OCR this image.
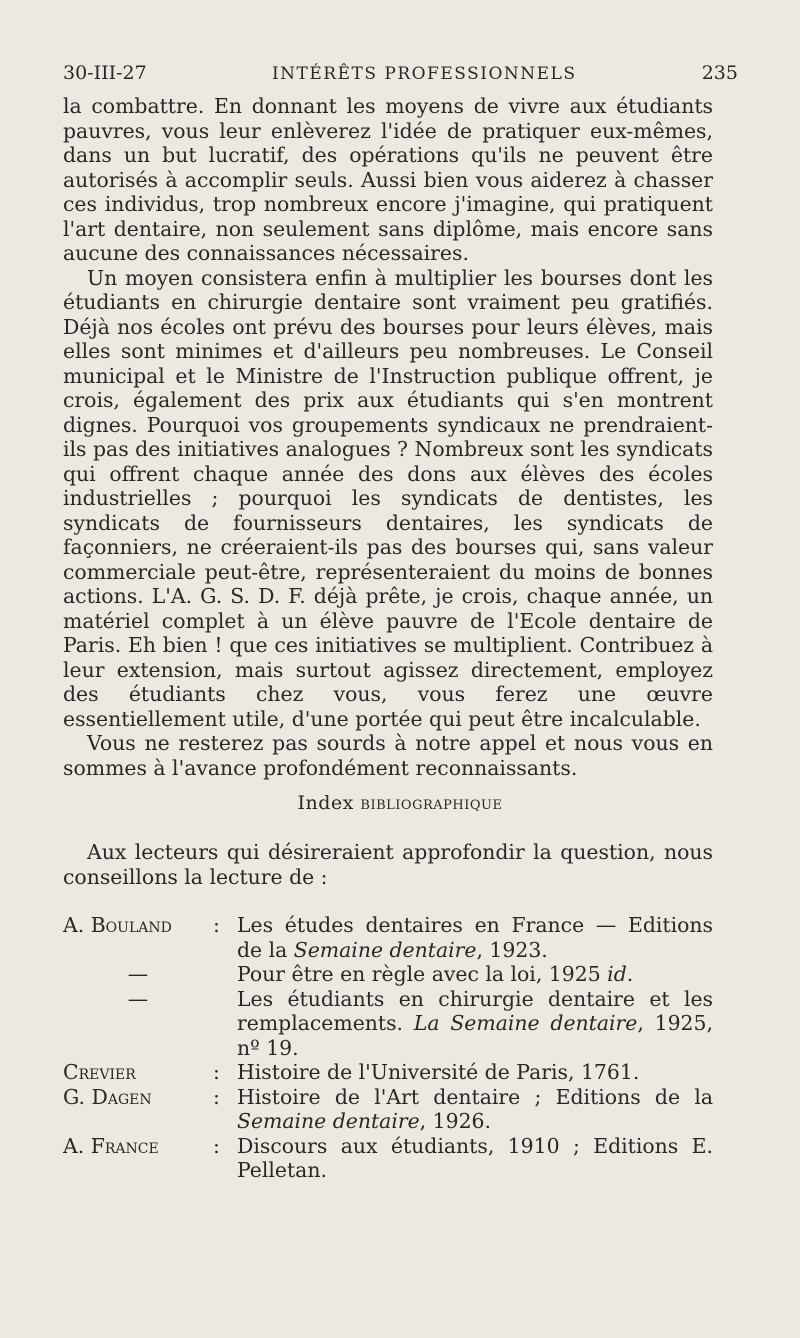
30-III-27	INTÉRÊTS PROFESSIONNELS	235

la combattre. En donnant les moyens de vivre aux étudiants pauvres, vous leur enlèverez l'idée de pratiquer eux-mêmes, dans un but lucratif, des opérations qu'ils ne peuvent être autorisés à accomplir seuls. Aussi bien vous aiderez à chasser ces individus, trop nombreux encore j'imagine, qui pratiquent l'art dentaire, non seulement sans diplôme, mais encore sans aucune des connaissances nécessaires.

Un moyen consistera enfin à multiplier les bourses dont les étudiants en chirurgie dentaire sont vraiment peu gratifiés. Déjà nos écoles ont prévu des bourses pour leurs élèves, mais elles sont minimes et d'ailleurs peu nombreuses. Le Conseil municipal et le Ministre de l'Instruction publique offrent, je crois, également des prix aux étudiants qui s'en montrent dignes. Pourquoi vos groupements syndicaux ne prendraient-ils pas des initiatives analogues ? Nombreux sont les syndicats qui offrent chaque année des dons aux élèves des écoles industrielles ; pourquoi les syndicats de dentistes, les syndicats de fournisseurs dentaires, les syndicats de façonniers, ne créeraient-ils pas des bourses qui, sans valeur commerciale peut-être, représenteraient du moins de bonnes actions. L'A. G. S. D. F. déjà prête, je crois, chaque année, un matériel complet à un élève pauvre de l'Ecole dentaire de Paris. Eh bien ! que ces initiatives se multiplient. Contribuez à leur extension, mais surtout agissez directement, employez des étudiants chez vous, vous ferez une œuvre essentiellement utile, d'une portée qui peut être incalculable.

Vous ne resterez pas sourds à notre appel et nous vous en sommes à l'avance profondément reconnaissants.

Index bibliographique

Aux lecteurs qui désireraient approfondir la question, nous conseillons la lecture de :

A. Bouland	: Les études dentaires en France — Editions de la Semaine dentaire, 1923.
—	Pour être en règle avec la loi, 1925 id.
—	Les étudiants en chirurgie dentaire et les remplacements. La Semaine dentaire, 1925, nº 19.
Crevier	: Histoire de l'Université de Paris, 1761.
G. Dagen	: Histoire de l'Art dentaire ; Editions de la Semaine dentaire, 1926.
A. France	: Discours aux étudiants, 1910 ; Editions E. Pelletan.
